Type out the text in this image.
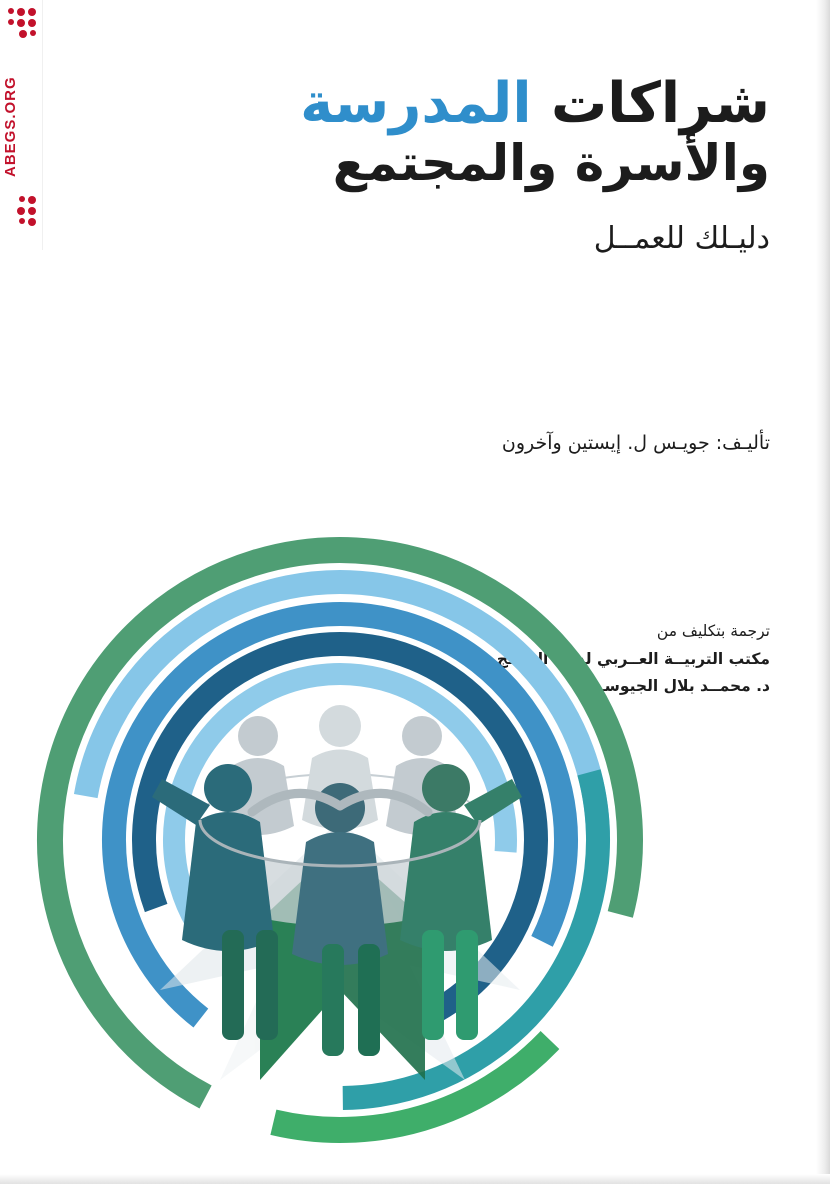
ABEGS.ORG	شراكات المدرسة
والأسرة والمجتمع
دليـلك للعمــل
تأليـف: جويـس ل. إيستين وآخرون
ترجمة بتكليف من
مكتب التربيــة العــربي لدول الخليـج
د. محمــد بلال الجيوســـي
